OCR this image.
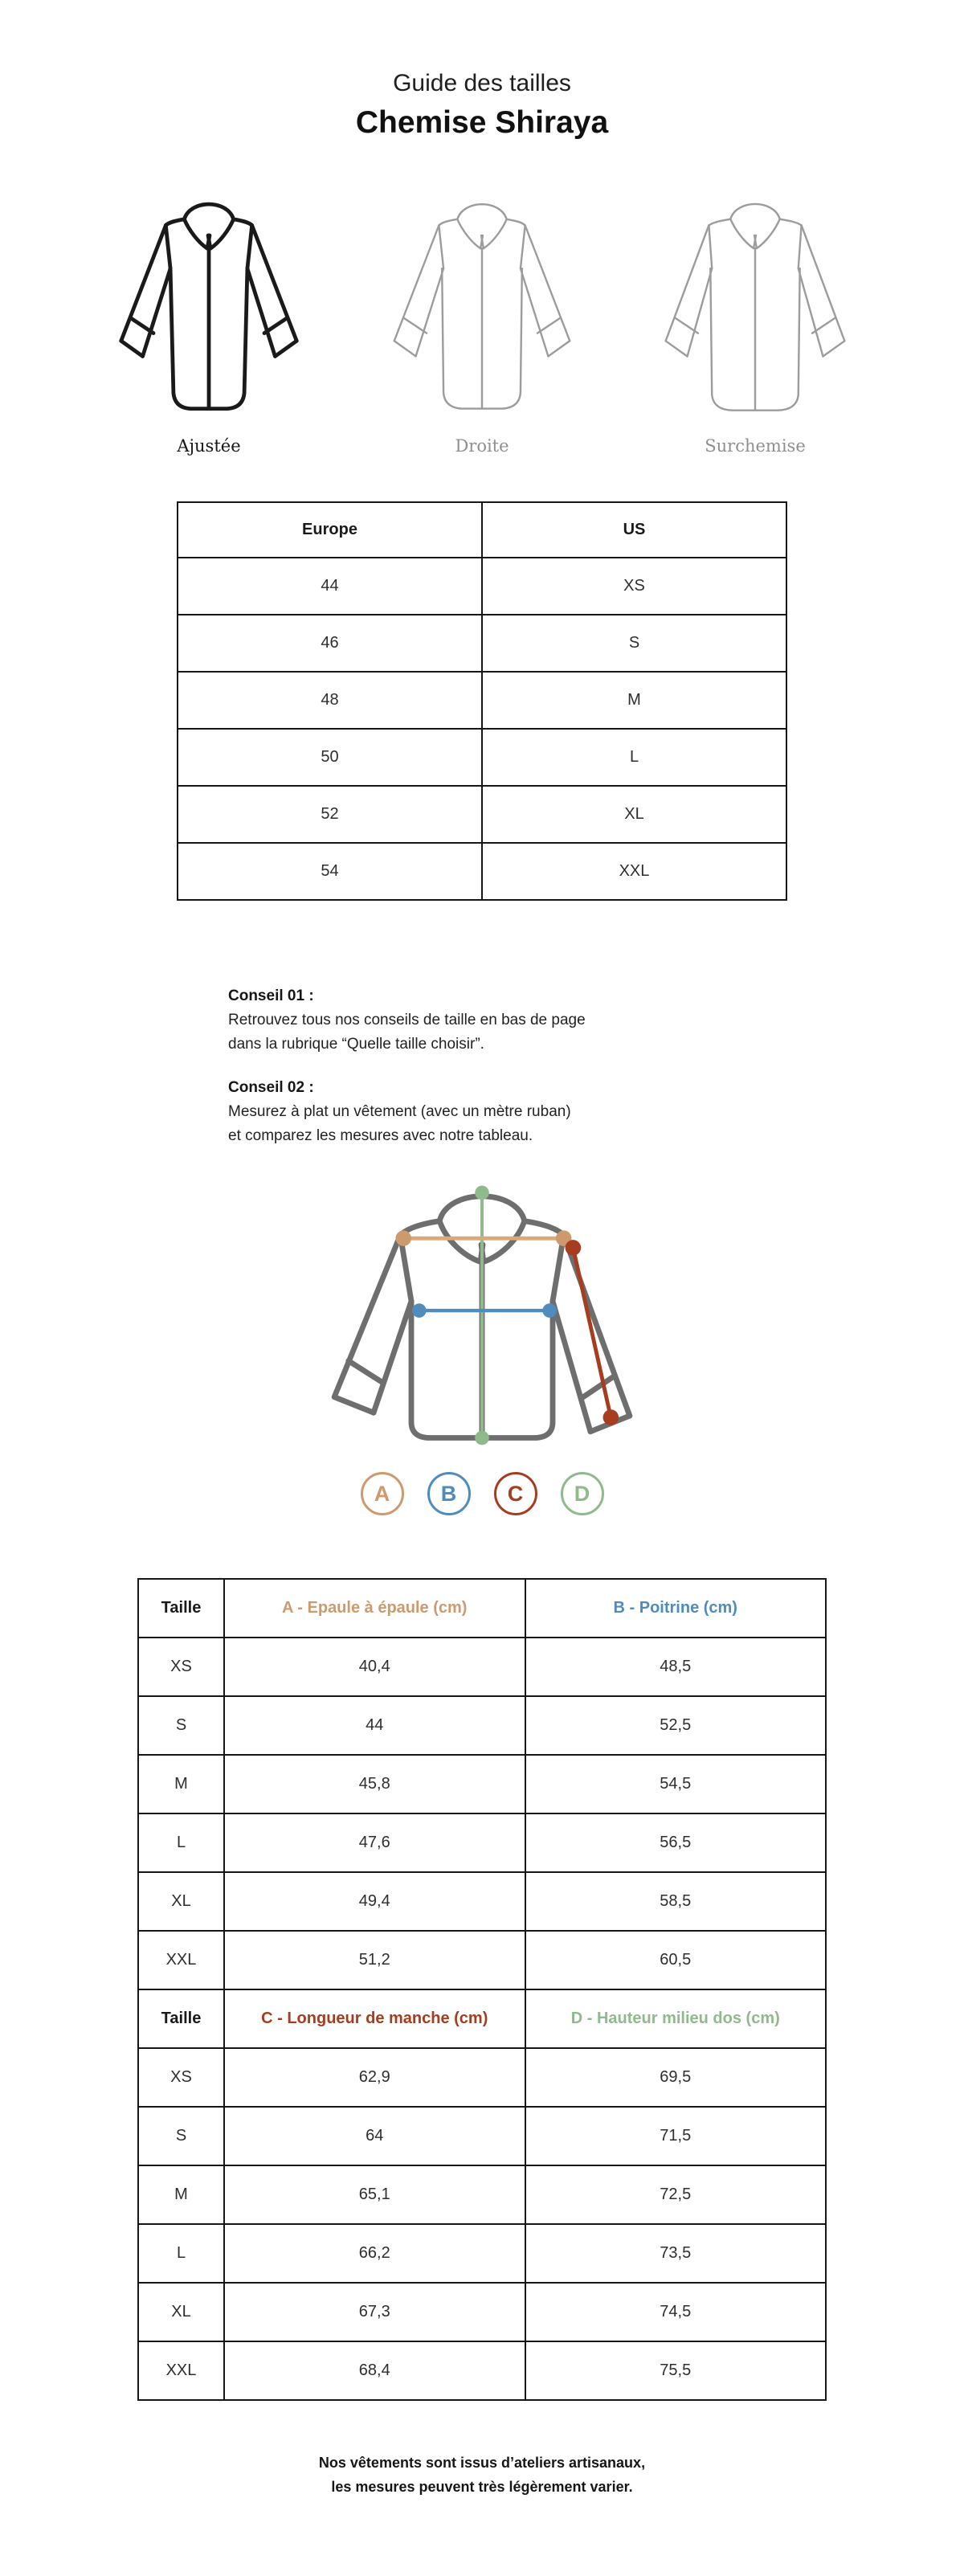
Guide des tailles
Chemise Shiraya
Ajustée	Droite	Surchemise
Europe	US
44	XS
46	S
48	M
50	L
52	XL
54	XXL
Conseil 01 :
Retrouvez tous nos conseils de taille en bas de page
dans la rubrique “Quelle taille choisir”.
Conseil 02 :
Mesurez à plat un vêtement (avec un mètre ruban)
et comparez les mesures avec notre tableau.
A	B	C	D
Taille	A - Epaule à épaule (cm)	B - Poitrine (cm)
XS	40,4	48,5
S	44	52,5
M	45,8	54,5
L	47,6	56,5
XL	49,4	58,5
XXL	51,2	60,5
Taille	C - Longueur de manche (cm)	D - Hauteur milieu dos (cm)
XS	62,9	69,5
S	64	71,5
M	65,1	72,5
L	66,2	73,5
XL	67,3	74,5
XXL	68,4	75,5
Nos vêtements sont issus d’ateliers artisanaux,
les mesures peuvent très légèrement varier.
